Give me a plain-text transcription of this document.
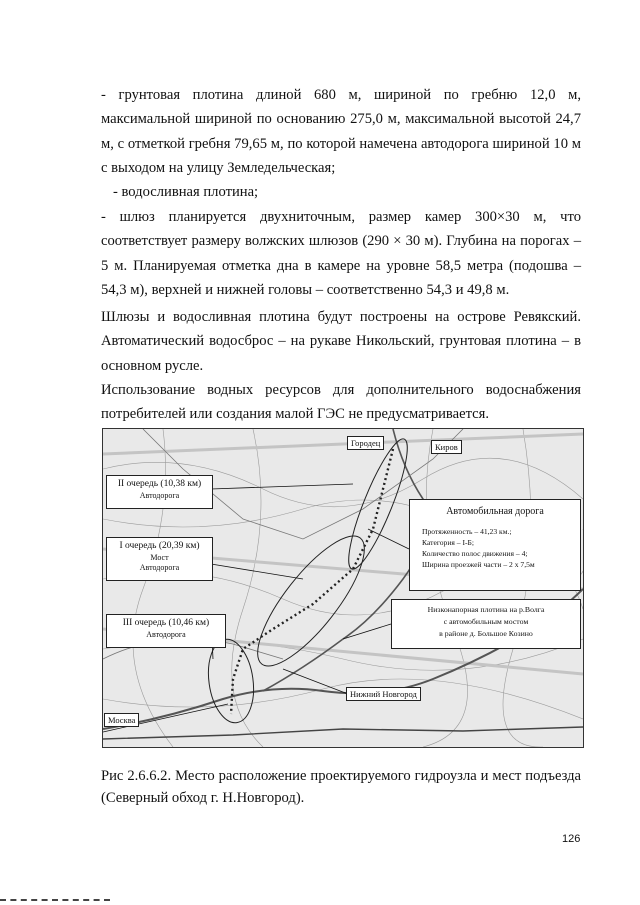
- грунтовая плотина длиной 680 м, шириной по гребню 12,0 м, максимальной шириной по основанию 275,0 м, максимальной высотой 24,7 м, с отметкой гребня 79,65 м, по которой намечена автодорога шириной 10 м с выходом на улицу Земледельческая;

- водосливная плотина;

- шлюз планируется двухниточным, размер камер 300×30 м, что соответствует размеру волжских шлюзов (290 × 30 м). Глубина на порогах – 5 м. Планируемая отметка дна в камере на уровне 58,5 метра (подошва – 54,3 м), верхней и нижней головы – соответственно 54,3 и 49,8 м.

Шлюзы и водосливная плотина будут построены на острове Ревякский. Автоматический водосброс – на рукаве Никольский, грунтовая плотина – в основном русле.

Использование водных ресурсов для дополнительного водоснабжения потребителей или создания малой ГЭС не предусматривается.

II очередь (10,38 км)
Автодорога
I очередь (20,39 км)
Мост
Автодорога
III очередь (10,46 км)
Автодорога
Автомобильная дорога
Протяженность – 41,23 км.;
Категория – I-Б;
Количество полос движения – 4;
Ширина проезжей части – 2 х 7,5м
Низконапорная плотина на р.Волга
с автомобильным мостом
в районе д. Большое Козино
Городец	Киров
Нижний Новгород
Москва

Рис 2.6.6.2. Место расположение проектируемого гидроузла и мест подъезда (Северный обход г. Н.Новгород).

126
